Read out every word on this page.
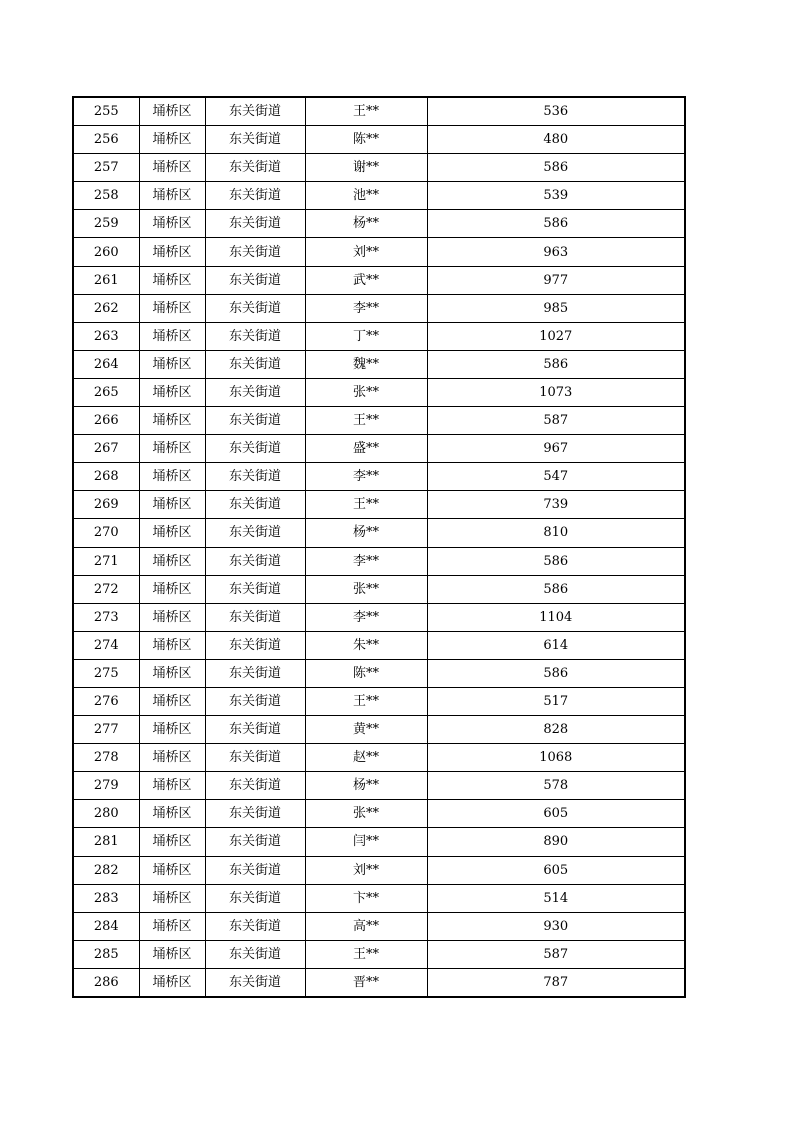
255	埇桥区	东关街道	王**	536
256	埇桥区	东关街道	陈**	480
257	埇桥区	东关街道	谢**	586
258	埇桥区	东关街道	池**	539
259	埇桥区	东关街道	杨**	586
260	埇桥区	东关街道	刘**	963
261	埇桥区	东关街道	武**	977
262	埇桥区	东关街道	李**	985
263	埇桥区	东关街道	丁**	1027
264	埇桥区	东关街道	魏**	586
265	埇桥区	东关街道	张**	1073
266	埇桥区	东关街道	王**	587
267	埇桥区	东关街道	盛**	967
268	埇桥区	东关街道	李**	547
269	埇桥区	东关街道	王**	739
270	埇桥区	东关街道	杨**	810
271	埇桥区	东关街道	李**	586
272	埇桥区	东关街道	张**	586
273	埇桥区	东关街道	李**	1104
274	埇桥区	东关街道	朱**	614
275	埇桥区	东关街道	陈**	586
276	埇桥区	东关街道	王**	517
277	埇桥区	东关街道	黄**	828
278	埇桥区	东关街道	赵**	1068
279	埇桥区	东关街道	杨**	578
280	埇桥区	东关街道	张**	605
281	埇桥区	东关街道	闫**	890
282	埇桥区	东关街道	刘**	605
283	埇桥区	东关街道	卞**	514
284	埇桥区	东关街道	高**	930
285	埇桥区	东关街道	王**	587
286	埇桥区	东关街道	晋**	787
